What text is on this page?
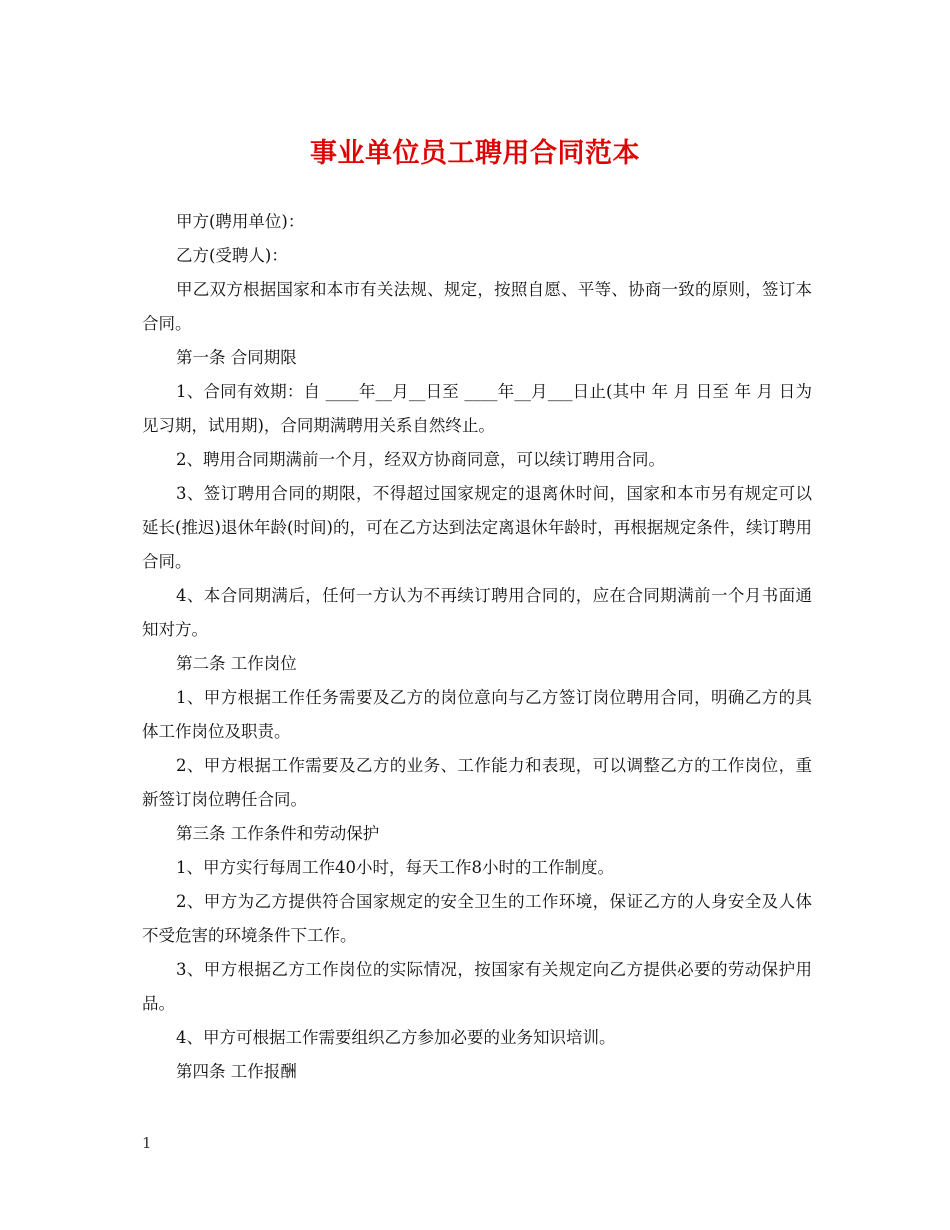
事业单位员工聘用合同范本

甲方(聘用单位)：

乙方(受聘人)：

甲乙双方根据国家和本市有关法规、规定，按照自愿、平等、协商一致的原则，签订本合同。

第一条 合同期限

1、合同有效期：自 ____年__月__日至 ____年__月___日止(其中 年 月 日至 年 月 日为见习期，试用期)，合同期满聘用关系自然终止。

2、聘用合同期满前一个月，经双方协商同意，可以续订聘用合同。

3、签订聘用合同的期限，不得超过国家规定的退离休时间，国家和本市另有规定可以延长(推迟)退休年龄(时间)的，可在乙方达到法定离退休年龄时，再根据规定条件，续订聘用合同。

4、本合同期满后，任何一方认为不再续订聘用合同的，应在合同期满前一个月书面通知对方。

第二条 工作岗位

1、甲方根据工作任务需要及乙方的岗位意向与乙方签订岗位聘用合同，明确乙方的具体工作岗位及职责。

2、甲方根据工作需要及乙方的业务、工作能力和表现，可以调整乙方的工作岗位，重新签订岗位聘任合同。

第三条 工作条件和劳动保护

1、甲方实行每周工作40小时，每天工作8小时的工作制度。

2、甲方为乙方提供符合国家规定的安全卫生的工作环境，保证乙方的人身安全及人体不受危害的环境条件下工作。

3、甲方根据乙方工作岗位的实际情况，按国家有关规定向乙方提供必要的劳动保护用品。

4、甲方可根据工作需要组织乙方参加必要的业务知识培训。

第四条 工作报酬

1
